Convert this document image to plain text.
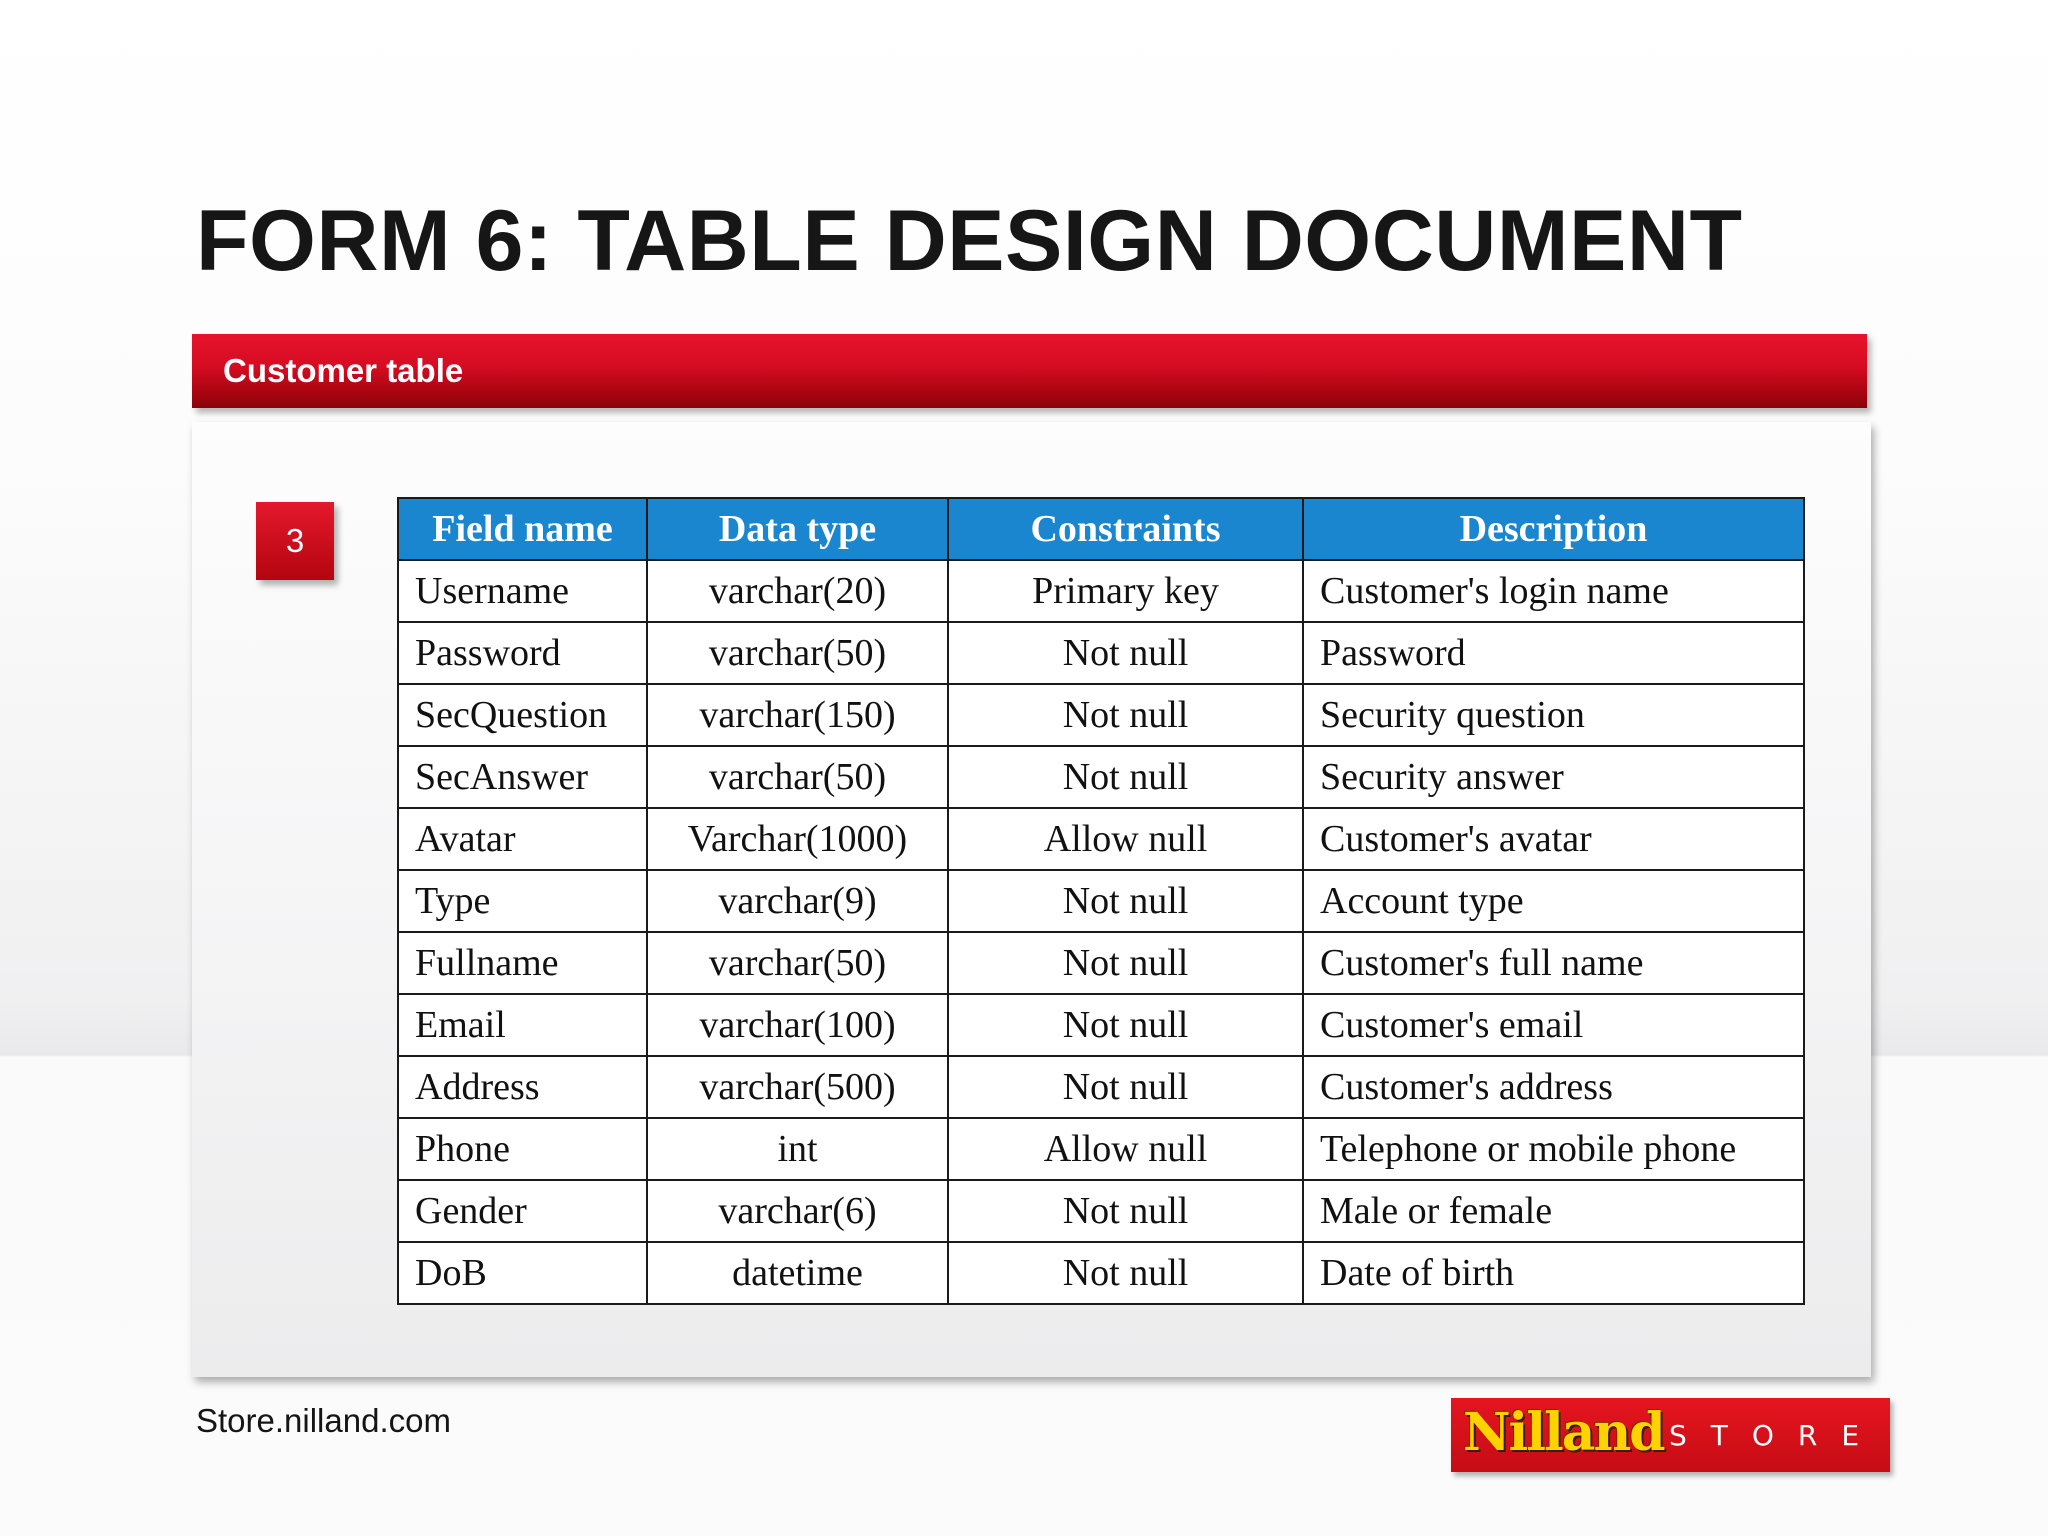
FORM 6: TABLE DESIGN DOCUMENT
Customer table
3	Field name	Data type	Constraints	Description
Username	varchar(20)	Primary key	Customer's login name
Password	varchar(50)	Not null	Password
SecQuestion	varchar(150)	Not null	Security question
SecAnswer	varchar(50)	Not null	Security answer
Avatar	Varchar(1000)	Allow null	Customer's avatar
Type	varchar(9)	Not null	Account type
Fullname	varchar(50)	Not null	Customer's full name
Email	varchar(100)	Not null	Customer's email
Address	varchar(500)	Not null	Customer's address
Phone	int	Allow null	Telephone or mobile phone
Gender	varchar(6)	Not null	Male or female
DoB	datetime	Not null	Date of birth
Store.nilland.com	Nilland STORE
